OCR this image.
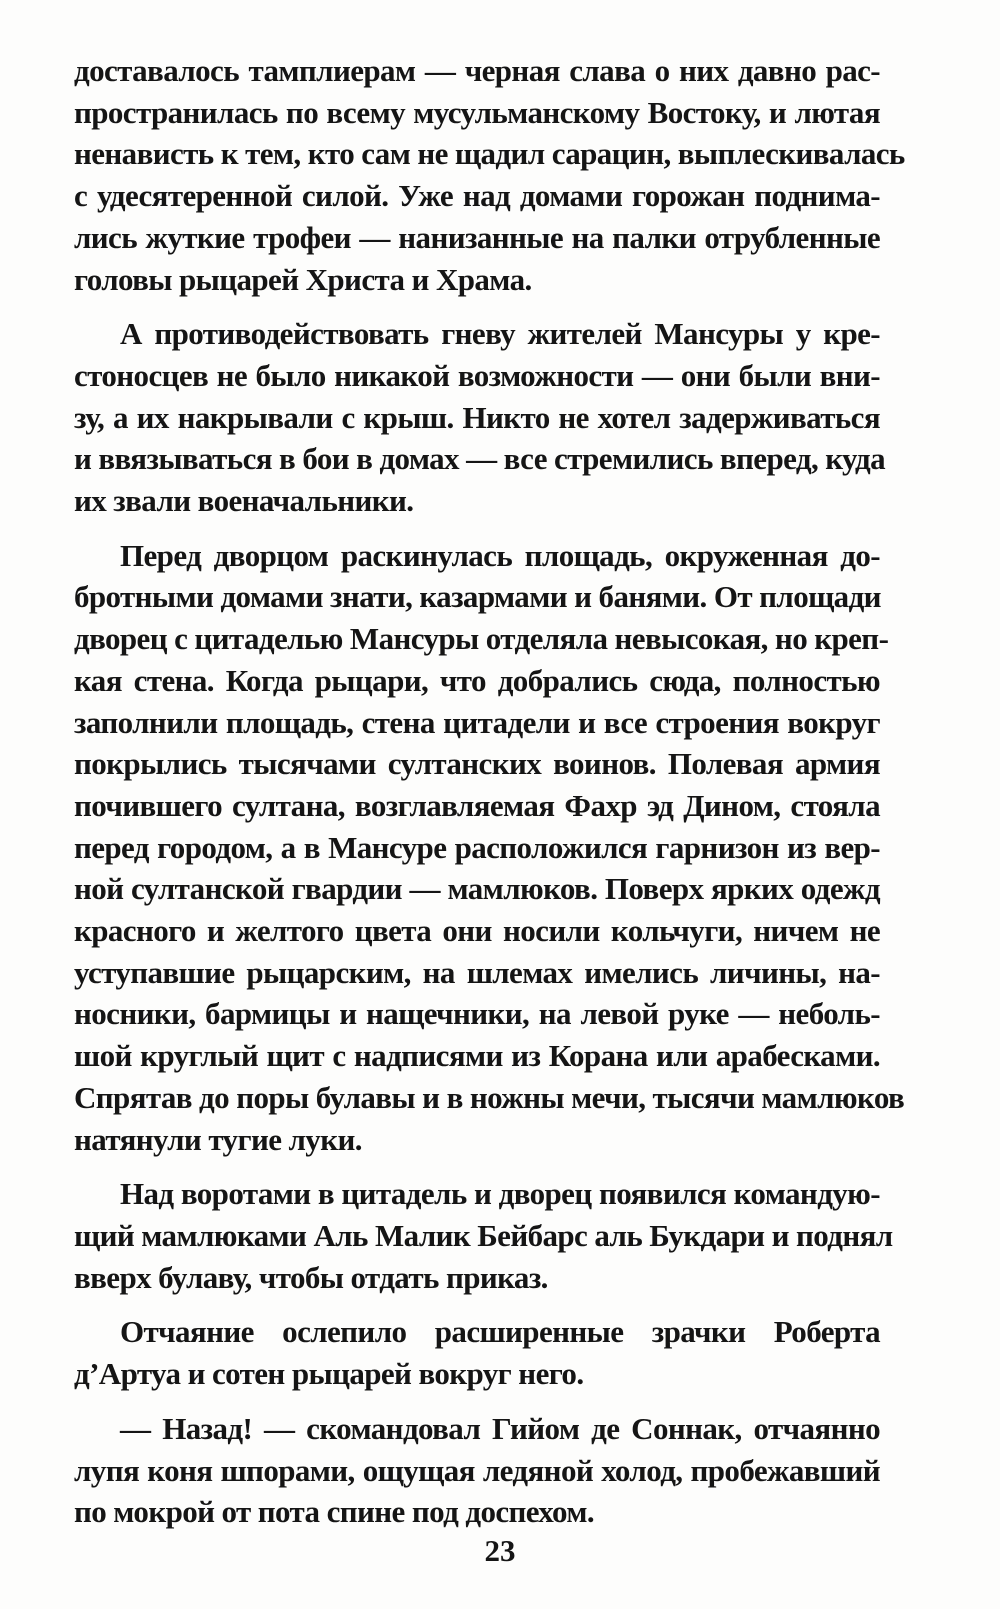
доставалось тамплиерам — черная слава о них давно рас-
пространилась по всему мусульманскому Востоку, и лютая
ненависть к тем, кто сам не щадил сарацин, выплескивалась
с удесятеренной силой. Уже над домами горожан поднима-
лись жуткие трофеи — нанизанные на палки отрубленные
головы рыцарей Христа и Храма.
А противодействовать гневу жителей Мансуры у кре-
стоносцев не было никакой возможности — они были вни-
зу, а их накрывали с крыш. Никто не хотел задерживаться
и ввязываться в бои в домах — все стремились вперед, куда
их звали военачальники.
Перед дворцом раскинулась площадь, окруженная до-
бротными домами знати, казармами и банями. От площади
дворец с цитаделью Мансуры отделяла невысокая, но креп-
кая стена. Когда рыцари, что добрались сюда, полностью
заполнили площадь, стена цитадели и все строения вокруг
покрылись тысячами султанских воинов. Полевая армия
почившего султана, возглавляемая Фахр эд Дином, стояла
перед городом, а в Мансуре расположился гарнизон из вер-
ной султанской гвардии — мамлюков. Поверх ярких одежд
красного и желтого цвета они носили кольчуги, ничем не
уступавшие рыцарским, на шлемах имелись личины, на-
носники, бармицы и нащечники, на левой руке — неболь-
шой круглый щит с надписями из Корана или арабесками.
Спрятав до поры булавы и в ножны мечи, тысячи мамлюков
натянули тугие луки.
Над воротами в цитадель и дворец появился командую-
щий мамлюками Аль Малик Бейбарс аль Букдари и поднял
вверх булаву, чтобы отдать приказ.
Отчаяние ослепило расширенные зрачки Роберта
д’Артуа и сотен рыцарей вокруг него.
— Назад! — скомандовал Гийом де Соннак, отчаянно
лупя коня шпорами, ощущая ледяной холод, пробежавший
по мокрой от пота спине под доспехом.
23
